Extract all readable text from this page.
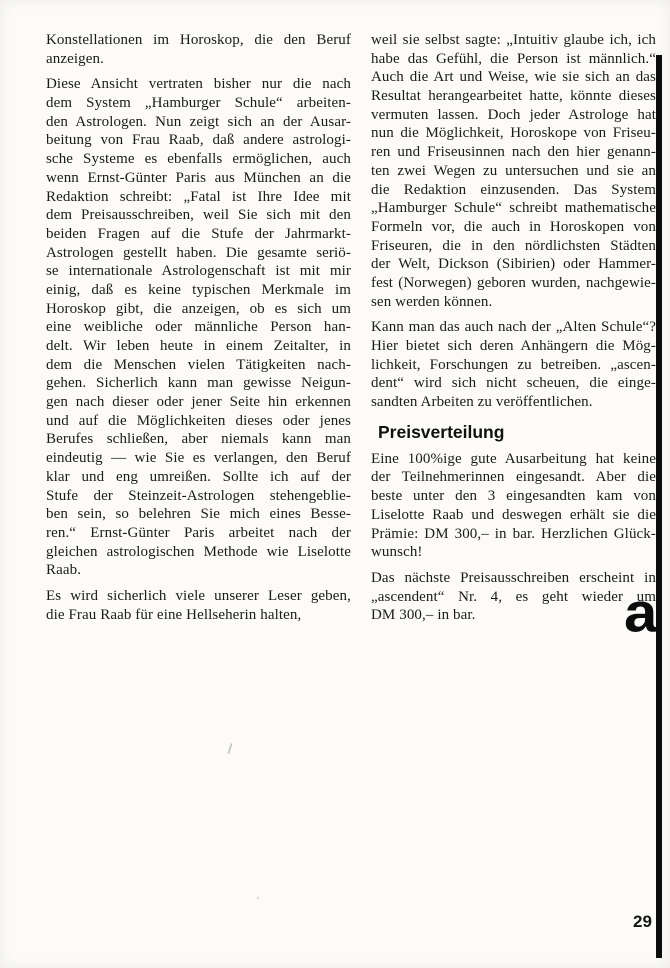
Konstellationen im Horoskop, die den Beruf
anzeigen.
Diese Ansicht vertraten bisher nur die nach
dem System „Hamburger Schule“ arbeiten-
den Astrologen. Nun zeigt sich an der Ausar-
beitung von Frau Raab, daß andere astrologi-
sche Systeme es ebenfalls ermöglichen, auch
wenn Ernst-Günter Paris aus München an die
Redaktion schreibt: „Fatal ist Ihre Idee mit
dem Preisausschreiben, weil Sie sich mit den
beiden Fragen auf die Stufe der Jahrmarkt-
Astrologen gestellt haben. Die gesamte seriö-
se internationale Astrologenschaft ist mit mir
einig, daß es keine typischen Merkmale im
Horoskop gibt, die anzeigen, ob es sich um
eine weibliche oder männliche Person han-
delt. Wir leben heute in einem Zeitalter, in
dem die Menschen vielen Tätigkeiten nach-
gehen. Sicherlich kann man gewisse Neigun-
gen nach dieser oder jener Seite hin erkennen
und auf die Möglichkeiten dieses oder jenes
Berufes schließen, aber niemals kann man
eindeutig — wie Sie es verlangen, den Beruf
klar und eng umreißen. Sollte ich auf der
Stufe der Steinzeit-Astrologen stehengeblie-
ben sein, so belehren Sie mich eines Besse-
ren.“ Ernst-Günter Paris arbeitet nach der
gleichen astrologischen Methode wie Liselotte
Raab.
Es wird sicherlich viele unserer Leser geben,
die Frau Raab für eine Hellseherin halten,
weil sie selbst sagte: „Intuitiv glaube ich, ich
habe das Gefühl, die Person ist männlich.“
Auch die Art und Weise, wie sie sich an das
Resultat herangearbeitet hatte, könnte dieses
vermuten lassen. Doch jeder Astrologe hat
nun die Möglichkeit, Horoskope von Friseu-
ren und Friseusinnen nach den hier genann-
ten zwei Wegen zu untersuchen und sie an
die Redaktion einzusenden. Das System
„Hamburger Schule“ schreibt mathematische
Formeln vor, die auch in Horoskopen von
Friseuren, die in den nördlichsten Städten
der Welt, Dickson (Sibirien) oder Hammer-
fest (Norwegen) geboren wurden, nachgewie-
sen werden können.
Kann man das auch nach der „Alten Schule“?
Hier bietet sich deren Anhängern die Mög-
lichkeit, Forschungen zu betreiben. „ascen-
dent“ wird sich nicht scheuen, die einge-
sandten Arbeiten zu veröffentlichen.
Preisverteilung
Eine 100%ige gute Ausarbeitung hat keine
der Teilnehmerinnen eingesandt. Aber die
beste unter den 3 eingesandten kam von
Liselotte Raab und deswegen erhält sie die
Prämie: DM 300,– in bar. Herzlichen Glück-
wunsch!
Das nächste Preisausschreiben erscheint in
„ascendent“ Nr. 4, es geht wieder um
DM 300,– in bar.	a
29
